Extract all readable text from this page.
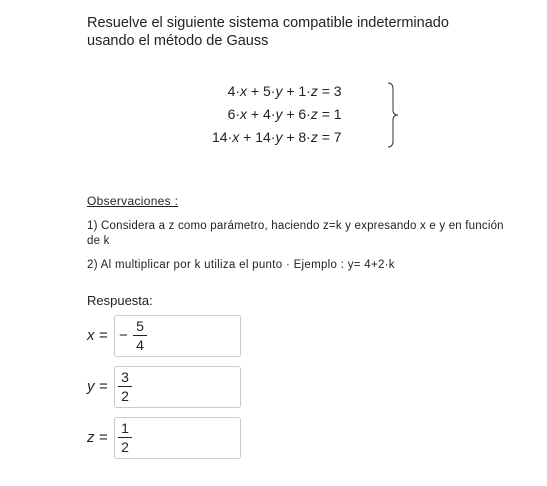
Resuelve el siguiente sistema compatible indeterminado
usando el método de Gauss
4·x + 5·y + 1·z = 3
6·x + 4·y + 6·z = 1
14·x + 14·y + 8·z = 7
Observaciones :
1) Considera a z como parámetro, haciendo z=k y expresando x e y en función de k
2) Al multiplicar por k utiliza el punto · Ejemplo : y= 4+2·k
Respuesta:
x = −
5
4
y =
3
2
z =
1
2
